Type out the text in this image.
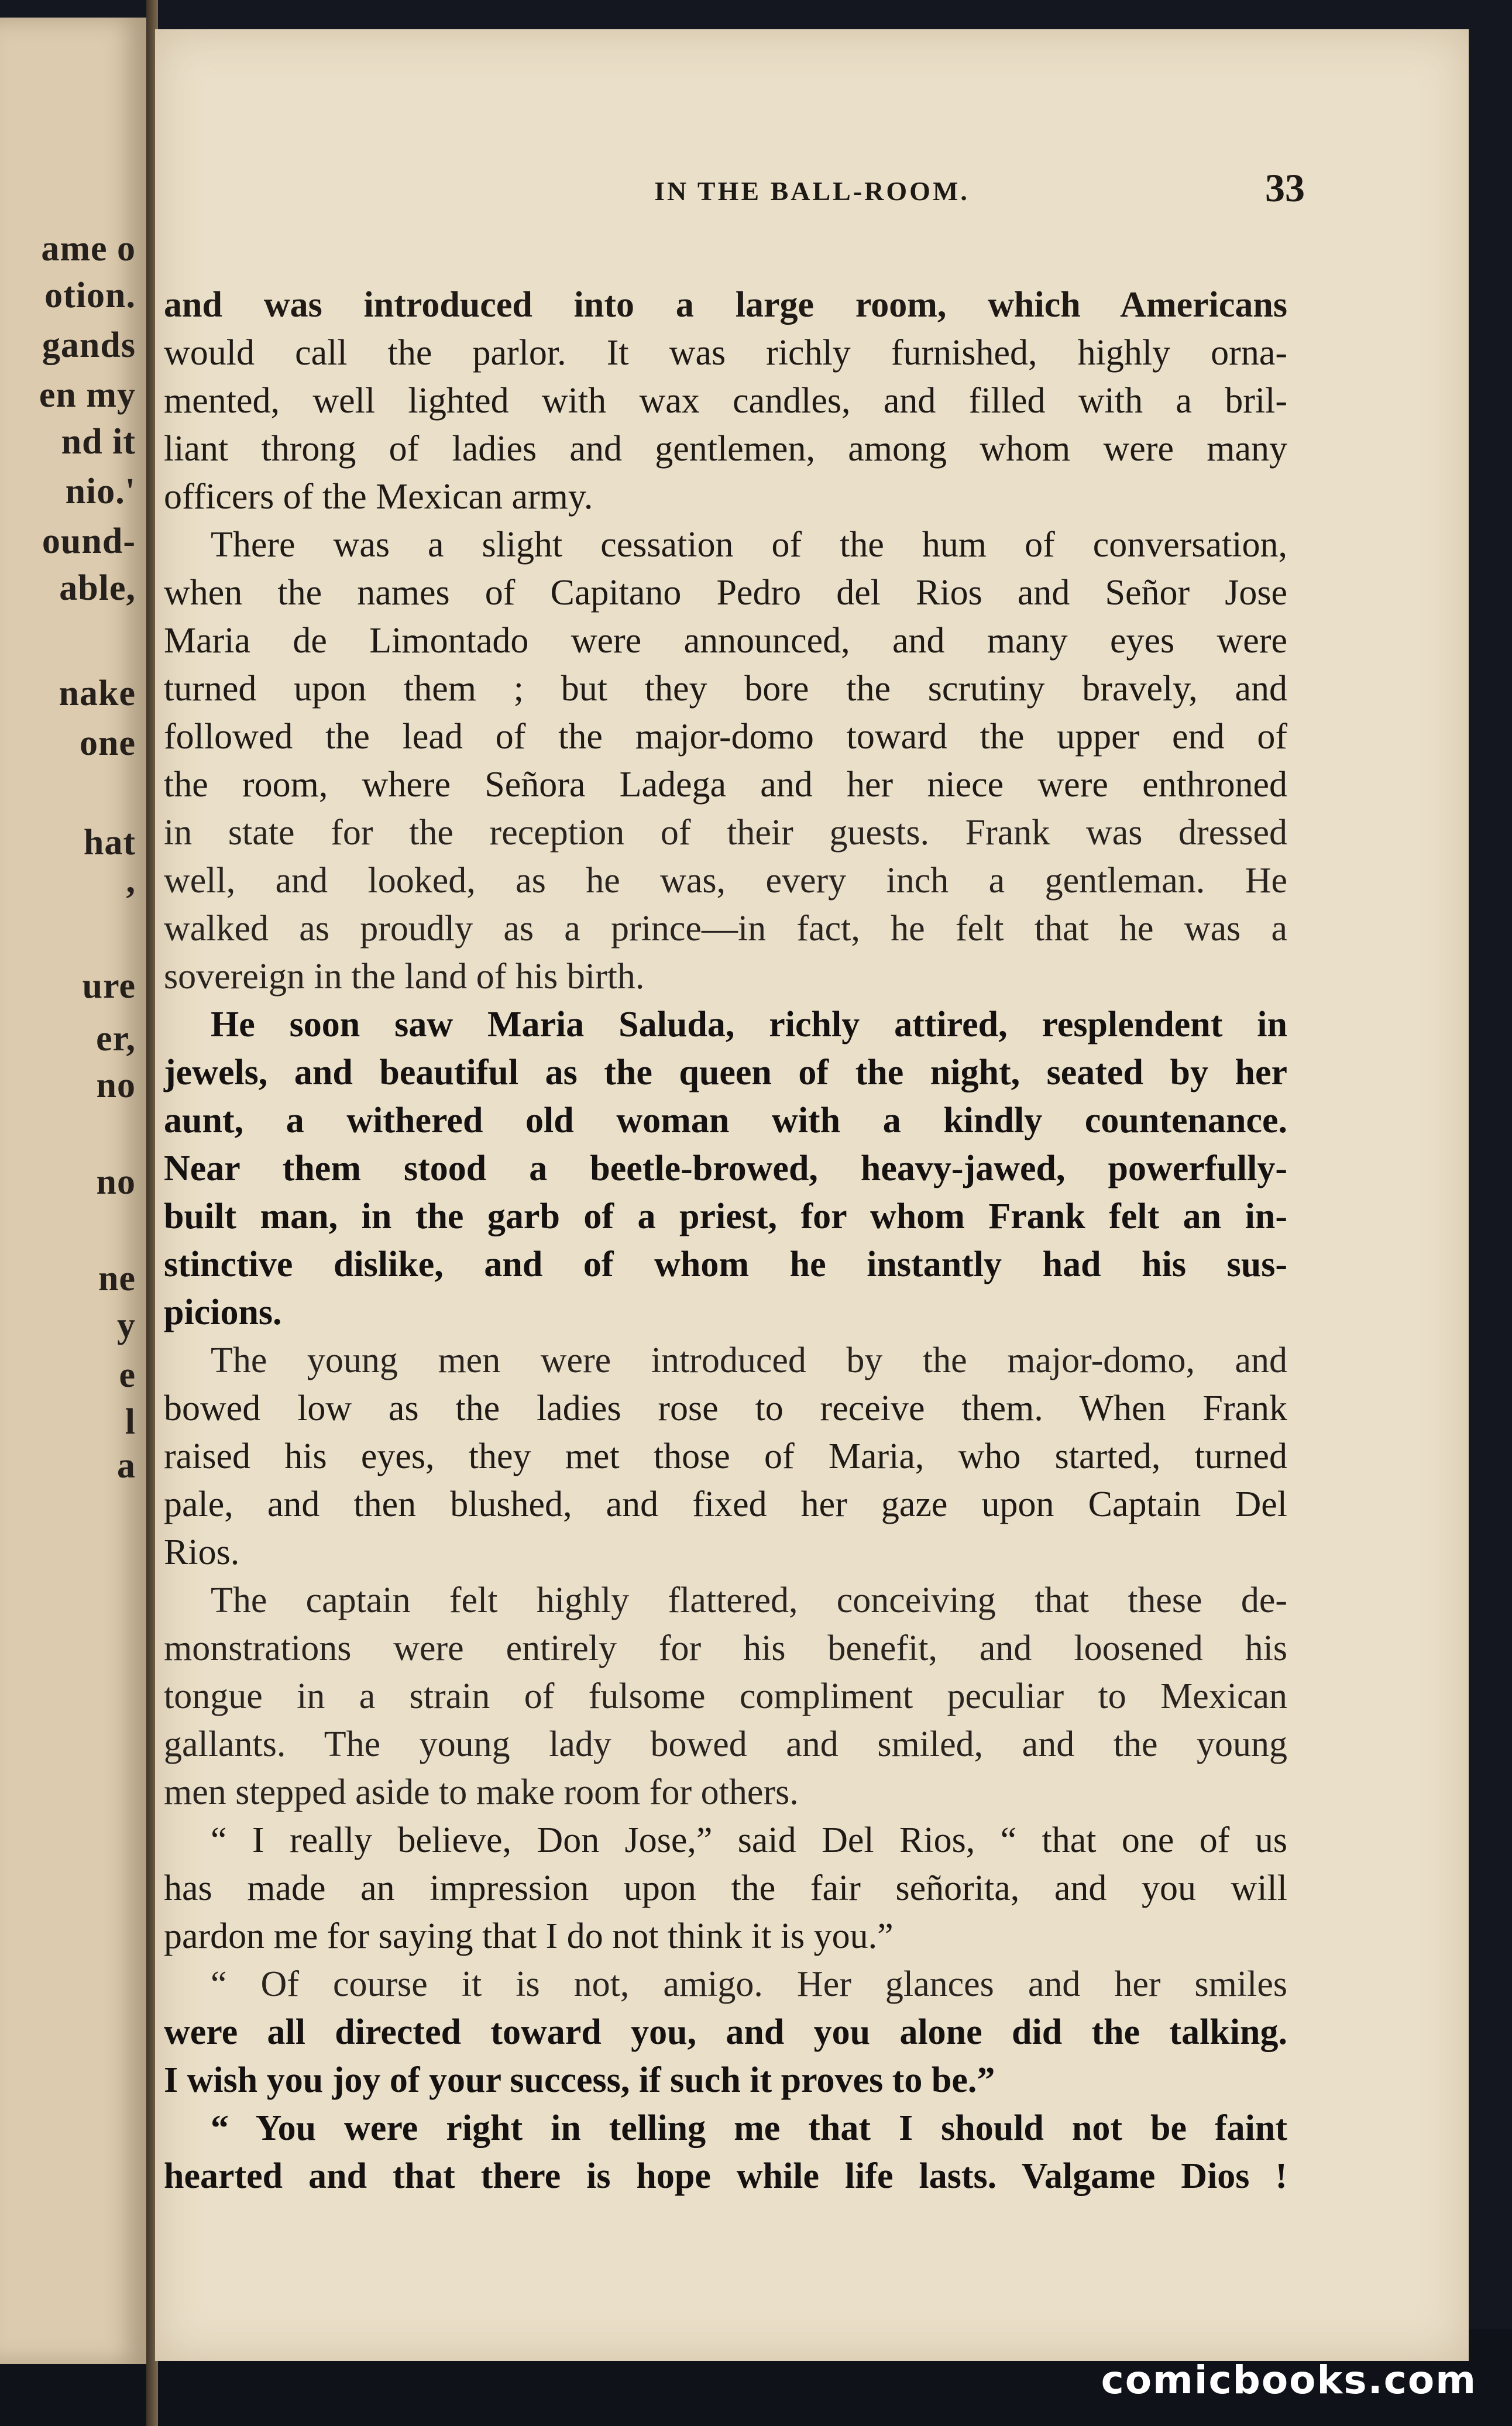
ame o
otion.
gands
en my
nd it
nio.'
ound-
able,
nake
one
hat
,
ure
er,
no
no
ne
y
e
l
a
IN THE BALL-ROOM.	33
and was introduced into a large room, which Americans
would call the parlor. It was richly furnished, highly orna-
mented, well lighted with wax candles, and filled with a bril-
liant throng of ladies and gentlemen, among whom were many
officers of the Mexican army.
There was a slight cessation of the hum of conversation,
when the names of Capitano Pedro del Rios and Señor Jose
Maria de Limontado were announced, and many eyes were
turned upon them ; but they bore the scrutiny bravely, and
followed the lead of the major-domo toward the upper end of
the room, where Señora Ladega and her niece were enthroned
in state for the reception of their guests. Frank was dressed
well, and looked, as he was, every inch a gentleman. He
walked as proudly as a prince—in fact, he felt that he was a
sovereign in the land of his birth.
He soon saw Maria Saluda, richly attired, resplendent in
jewels, and beautiful as the queen of the night, seated by her
aunt, a withered old woman with a kindly countenance.
Near them stood a beetle-browed, heavy-jawed, powerfully-
built man, in the garb of a priest, for whom Frank felt an in-
stinctive dislike, and of whom he instantly had his sus-
picions.
The young men were introduced by the major-domo, and
bowed low as the ladies rose to receive them. When Frank
raised his eyes, they met those of Maria, who started, turned
pale, and then blushed, and fixed her gaze upon Captain Del
Rios.
The captain felt highly flattered, conceiving that these de-
monstrations were entirely for his benefit, and loosened his
tongue in a strain of fulsome compliment peculiar to Mexican
gallants. The young lady bowed and smiled, and the young
men stepped aside to make room for others.
“ I really believe, Don Jose,” said Del Rios, “ that one of us
has made an impression upon the fair señorita, and you will
pardon me for saying that I do not think it is you.”
“ Of course it is not, amigo. Her glances and her smiles
were all directed toward you, and you alone did the talking.
I wish you joy of your success, if such it proves to be.”
“ You were right in telling me that I should not be faint
hearted and that there is hope while life lasts. Valgame Dios !
comicbooks.com
